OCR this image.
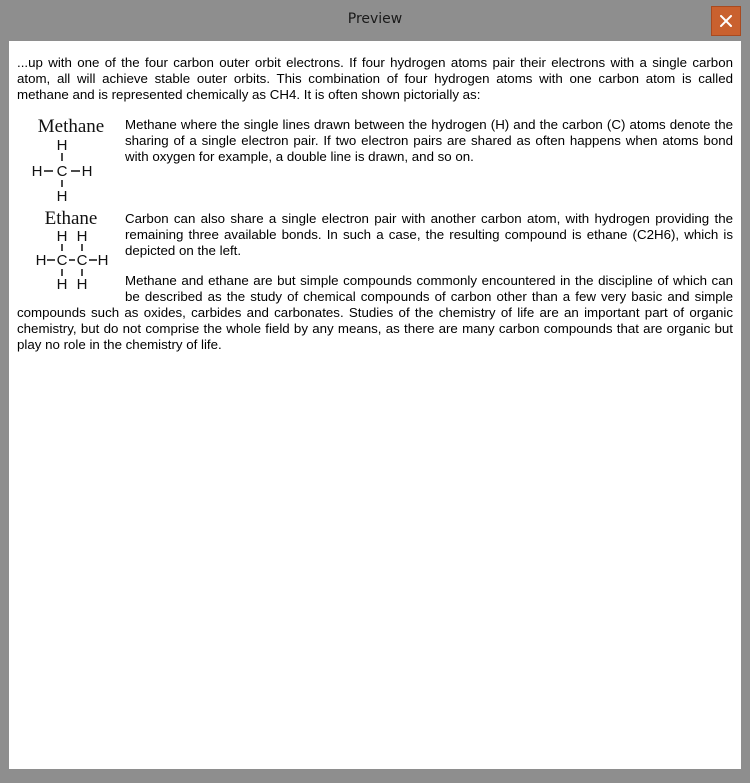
Preview

...up with one of the four carbon outer orbit electrons. If four hydrogen atoms pair their electrons with a single carbon atom, all will achieve stable outer orbits. This combination of four hydrogen atoms with one carbon atom is called methane and is represented chemically as CH4. It is often shown pictorially as:

Methane
H
H C H
H

Methane where the single lines drawn between the hydrogen (H) and the carbon (C) atoms denote the sharing of a single electron pair. If two electron pairs are shared as often happens when atoms bond with oxygen for example, a double line is drawn, and so on.

Ethane
H H
H C C H
H H

Carbon can also share a single electron pair with another carbon atom, with hydrogen providing the remaining three available bonds. In such a case, the resulting compound is ethane (C2H6), which is depicted on the left.

Methane and ethane are but simple compounds commonly encountered in the discipline of which can be described as the study of chemical compounds of carbon other than a few very basic and simple compounds such as oxides, carbides and carbonates. Studies of the chemistry of life are an important part of organic chemistry, but do not comprise the whole field by any means, as there are many carbon compounds that are organic but play no role in the chemistry of life.
